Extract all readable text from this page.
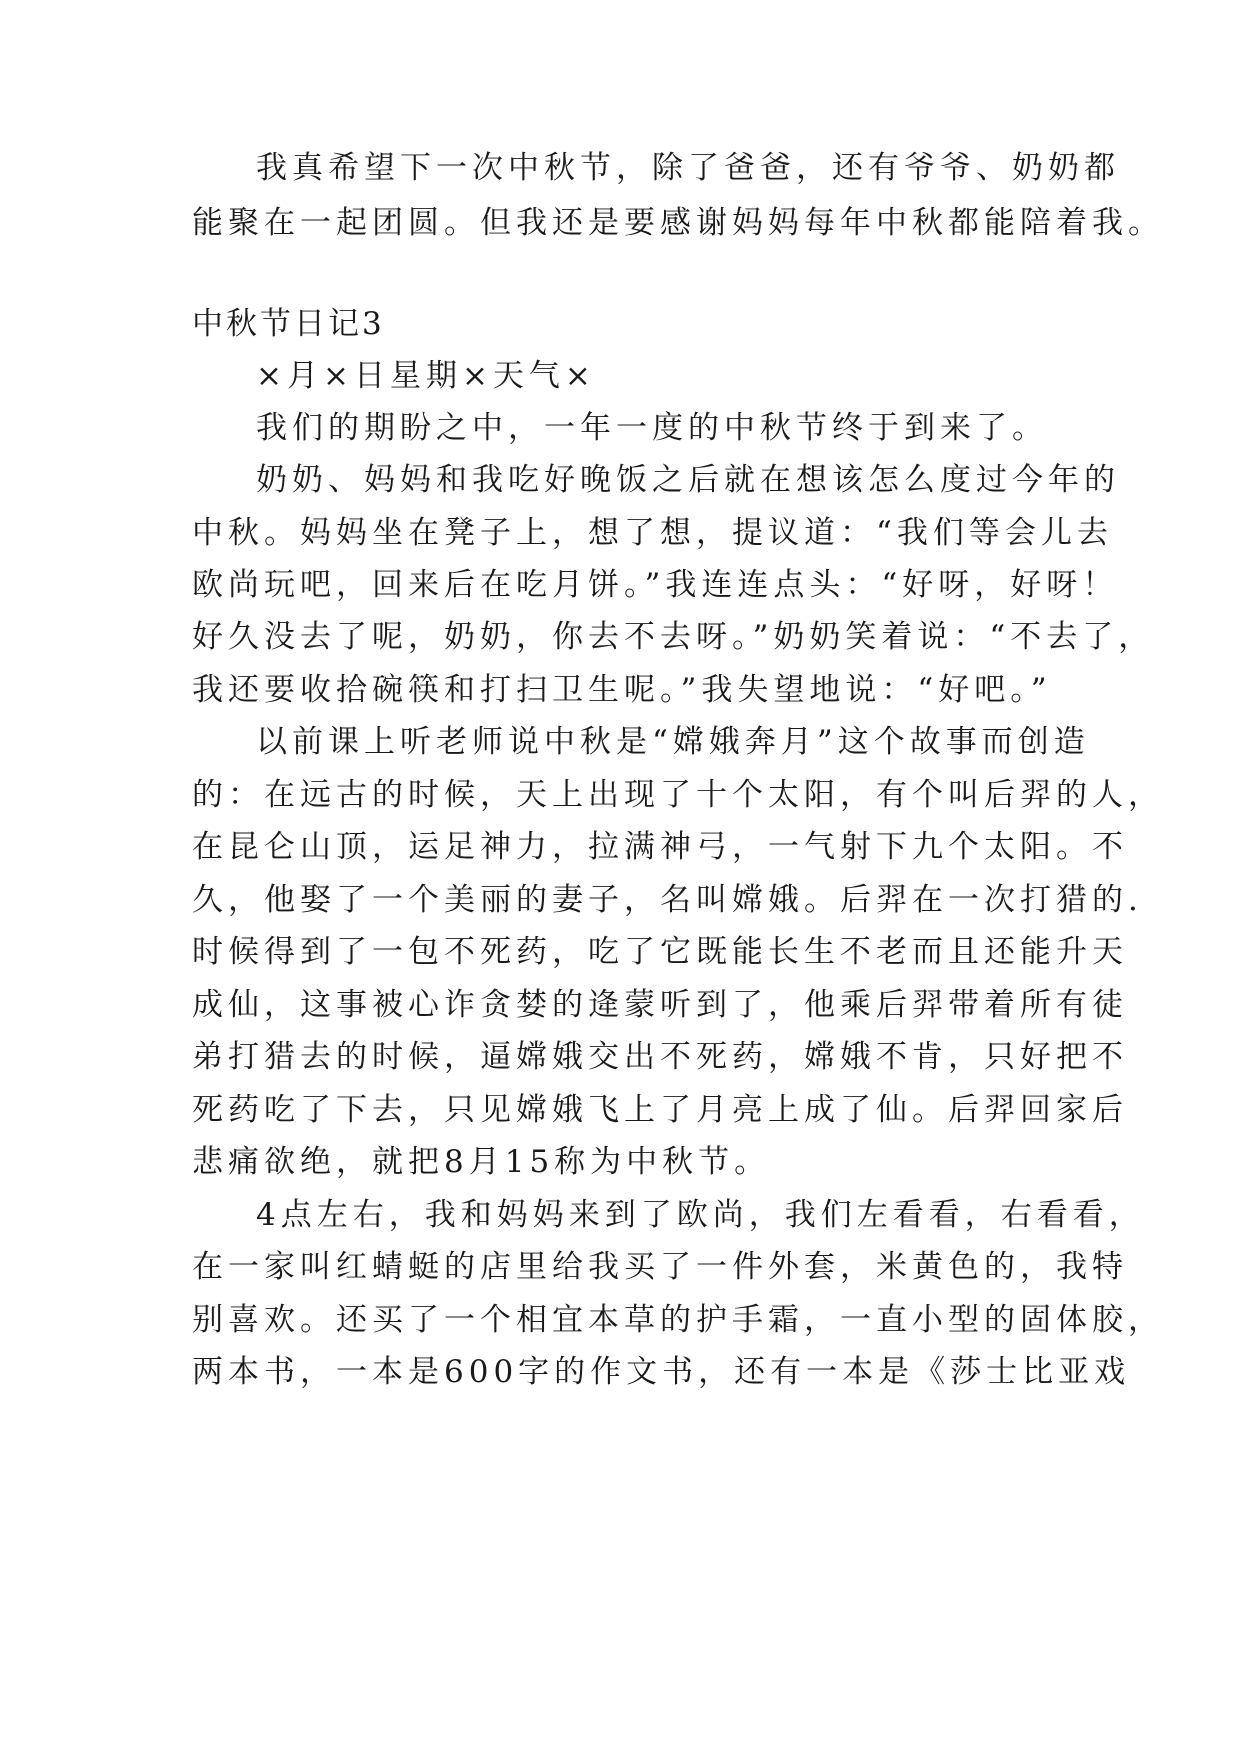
我真希望下一次中秋节，除了爸爸，还有爷爷、奶奶都
能聚在一起团圆。但我还是要感谢妈妈每年中秋都能陪着我。
中秋节日记3
×月×日星期×天气×
我们的期盼之中，一年一度的中秋节终于到来了。
奶奶、妈妈和我吃好晚饭之后就在想该怎么度过今年的
中秋。妈妈坐在凳子上，想了想，提议道：“我们等会儿去
欧尚玩吧，回来后在吃月饼。”我连连点头：“好呀，好呀！
好久没去了呢，奶奶，你去不去呀。”奶奶笑着说：“不去了，
我还要收拾碗筷和打扫卫生呢。”我失望地说：“好吧。”
以前课上听老师说中秋是“嫦娥奔月”这个故事而创造
的：在远古的时候，天上出现了十个太阳，有个叫后羿的人，
在昆仑山顶，运足神力，拉满神弓，一气射下九个太阳。不
久，他娶了一个美丽的妻子，名叫嫦娥。后羿在一次打猎的.
时候得到了一包不死药，吃了它既能长生不老而且还能升天
成仙，这事被心诈贪婪的逄蒙听到了，他乘后羿带着所有徒
弟打猎去的时候，逼嫦娥交出不死药，嫦娥不肯，只好把不
死药吃了下去，只见嫦娥飞上了月亮上成了仙。后羿回家后
悲痛欲绝，就把8月15称为中秋节。
4点左右，我和妈妈来到了欧尚，我们左看看，右看看，
在一家叫红蜻蜓的店里给我买了一件外套，米黄色的，我特
别喜欢。还买了一个相宜本草的护手霜，一直小型的固体胶，
两本书，一本是600字的作文书，还有一本是《莎士比亚戏
